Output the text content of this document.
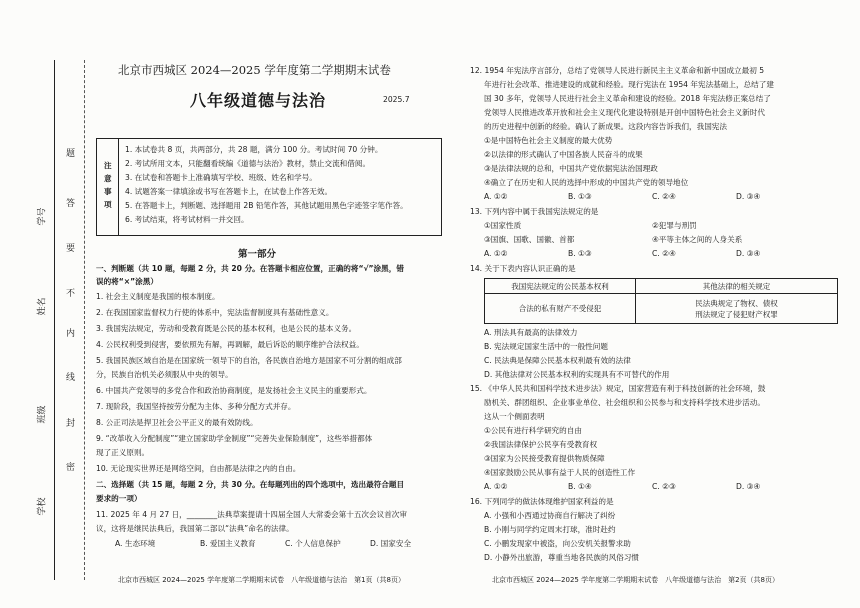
题
答
要
不
内
线
封
密
学号
姓名
班级
学校
北京市西城区 2024—2025 学年度第二学期期末试卷
八年级道德与法治	2025.7
注
意
事
项
1. 本试卷共 8 页，共两部分，共 28 题，满分 100 分。考试时间 70 分钟。
2. 考试所用文本，只能翻看统编《道德与法治》教材，禁止交流和借阅。
3. 在试卷和答题卡上准确填写学校、班级、姓名和学号。
4. 试题答案一律填涂或书写在答题卡上，在试卷上作答无效。
5. 在答题卡上，判断题、选择题用 2B 铅笔作答，其他试题用黑色字迹签字笔作答。
6. 考试结束，将考试材料一并交回。
第一部分
一、判断题（共 10 题，每题 2 分，共 20 分。在答题卡相应位置，正确的将“√”涂黑，错
误的将“×”涂黑）
1. 社会主义制度是我国的根本制度。
2. 在我国国家监督权力行使的体系中，宪法监督制度具有基础性意义。
3. 我国宪法规定，劳动和受教育既是公民的基本权利，也是公民的基本义务。
4. 公民权利受到侵害，要依照先有解，再调解，最后诉讼的顺序维护合法权益。
5. 我国民族区域自治是在国家统一领导下的自治，各民族自治地方是国家不可分割的组成部
分，民族自治机关必须服从中央的领导。
6. 中国共产党领导的多党合作和政治协商制度，是发扬社会主义民主的重要形式。
7. 现阶段，我国坚持按劳分配为主体、多种分配方式并存。
8. 公正司法是捍卫社会公平正义的最有效防线。
9. “改革收入分配制度”“建立国家助学金制度”“完善失业保险制度”，这些举措都体
现了正义原则。
10. 无论现实世界还是网络空间，自由都是法律之内的自由。
二、选择题（共 15 题，每题 2 分，共 30 分。在每题列出的四个选项中，选出最符合题目
要求的一项）
11. 2025 年 4 月 27 日，________法典草案提请十四届全国人大常委会第十五次会议首次审
议，这将是继民法典后，我国第二部以“法典”命名的法律。
A. 生态环境	B. 爱国主义教育	C. 个人信息保护	D. 国家安全
北京市西城区 2024—2025 学年度第二学期期末试卷　八年级道德与法治　第1页（共8页）
12. 1954 年宪法序言部分，总结了党领导人民进行新民主主义革命和新中国成立最初 5
年进行社会改革、推进建设的成就和经验。现行宪法在 1954 年宪法基础上，总结了建
国 30 多年，党领导人民进行社会主义革命和建设的经验。2018 年宪法修正案总结了
党领导人民推进改革开放和社会主义现代化建设特别是开创中国特色社会主义新时代
的历史进程中创新的经验。确认了新成果。这段内容告诉我们，我国宪法
①是中国特色社会主义制度的最大优势
②以法律的形式确认了中国各族人民奋斗的成果
③是法律法规的总和，中国共产党依据宪法治国理政
④确立了在历史和人民的选择中形成的中国共产党的领导地位
A. ①②	B. ①③	C. ②④	D. ③④
13. 下列内容中属于我国宪法规定的是
①国家性质	②犯罪与刑罚
③国旗、国歌、国徽、首都	④平等主体之间的人身关系
A. ①②	B. ①③	C. ②④	D. ③④
14. 关于下表内容认识正确的是
我国宪法规定的公民基本权利	其他法律的相关规定
合法的私有财产不受侵犯	民法典规定了物权、债权
刑法规定了侵犯财产权罪
A. 刑法具有最高的法律效力
B. 宪法规定国家生活中的一般性问题
C. 民法典是保障公民基本权利最有效的法律
D. 其他法律对公民基本权利的实现具有不可替代的作用
15. 《中华人民共和国科学技术进步法》规定，国家营造有利于科技创新的社会环境，鼓
励机关、群团组织、企业事业单位、社会组织和公民参与和支持科学技术进步活动。
这从一个侧面表明
①公民有进行科学研究的自由
②我国法律保护公民享有受教育权
③国家为公民接受教育提供物质保障
④国家鼓励公民从事有益于人民的创造性工作
A. ①②	B. ①④	C. ②③	D. ③④
16. 下列同学的做法体现维护国家利益的是
A. 小强和小西通过协商自行解决了纠纷
B. 小刚与同学约定周末打球，准时赴约
C. 小鹏发现家中被盗，向公安机关报警求助
D. 小静外出旅游，尊重当地各民族的风俗习惯
北京市西城区 2024—2025 学年度第二学期期末试卷　八年级道德与法治　第2页（共8页）
